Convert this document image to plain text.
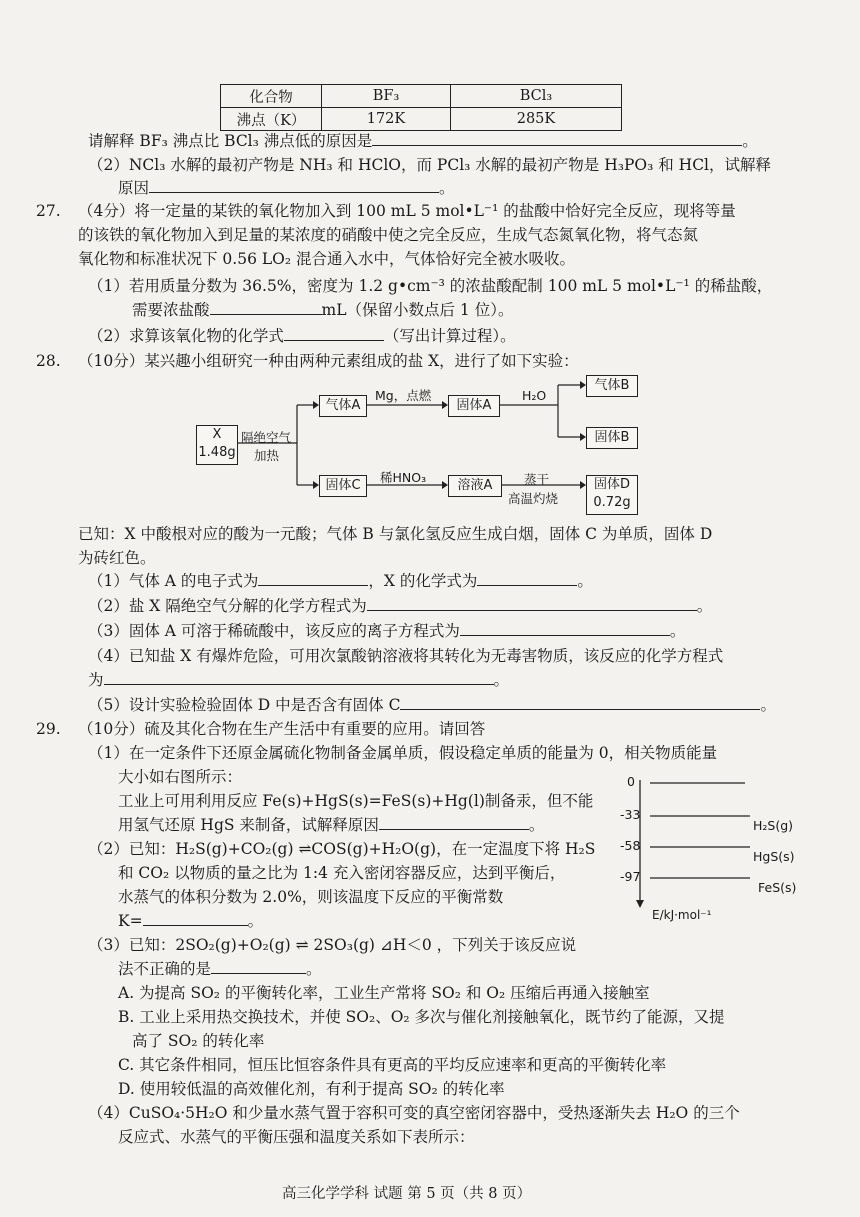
化合物	BF₃	BCl₃
沸点（K）	172K	285K
请解释 BF₃ 沸点比 BCl₃ 沸点低的原因是	。
（2）NCl₃ 水解的最初产物是 NH₃ 和 HClO，而 PCl₃ 水解的最初产物是 H₃PO₃ 和 HCl，试解释
原因	。
27. （4分）将一定量的某铁的氧化物加入到 100 mL 5 mol•L⁻¹ 的盐酸中恰好完全反应，现将等量
的该铁的氧化物加入到足量的某浓度的硝酸中使之完全反应，生成气态氮氧化物，将气态氮
氧化物和标准状况下 0.56 LO₂ 混合通入水中，气体恰好完全被水吸收。
（1）若用质量分数为 36.5%，密度为 1.2 g•cm⁻³ 的浓盐酸配制 100 mL 5 mol•L⁻¹ 的稀盐酸，
需要浓盐酸	mL（保留小数点后 1 位）。
（2）求算该氧化物的化学式	（写出计算过程）。
28. （10分）某兴趣小组研究一种由两种元素组成的盐 X，进行了如下实验：
X
1.48g
隔绝空气
加热
气体A
Mg，点燃
固体A
H₂O
气体B
固体B
固体C
稀HNO₃
溶液A	蒸干
高温灼烧
固体D
0.72g
已知：X 中酸根对应的酸为一元酸；气体 B 与氯化氢反应生成白烟，固体 C 为单质，固体 D
为砖红色。
（1）气体 A 的电子式为	，X 的化学式为	。
（2）盐 X 隔绝空气分解的化学方程式为	。
（3）固体 A 可溶于稀硫酸中，该反应的离子方程式为	。
（4）已知盐 X 有爆炸危险，可用次氯酸钠溶液将其转化为无毒害物质，该反应的化学方程式
为	。
（5）设计实验检验固体 D 中是否含有固体 C	。
29. （10分）硫及其化合物在生产生活中有重要的应用。请回答
（1）在一定条件下还原金属硫化物制备金属单质，假设稳定单质的能量为 0，相关物质能量
大小如右图所示：
工业上可用利用反应 Fe(s)+HgS(s)=FeS(s)+Hg(l)制备汞，但不能
用氢气还原 HgS 来制备，试解释原因	。
（2）已知：H₂S(g)+CO₂(g) ⇌COS(g)+H₂O(g)，在一定温度下将 H₂S
和 CO₂ 以物质的量之比为 1:4 充入密闭容器反应，达到平衡后，
水蒸气的体积分数为 2.0%，则该温度下反应的平衡常数
K=	。
（3）已知：2SO₂(g)+O₂(g) ⇌ 2SO₃(g) ⊿H＜0 ，下列关于该反应说
法不正确的是	。
A. 为提高 SO₂ 的平衡转化率，工业生产常将 SO₂ 和 O₂ 压缩后再通入接触室
B. 工业上采用热交换技术，并使 SO₂、O₂ 多次与催化剂接触氧化，既节约了能源，又提
高了 SO₂ 的转化率
C. 其它条件相同，恒压比恒容条件具有更高的平均反应速率和更高的平衡转化率
D. 使用较低温的高效催化剂，有利于提高 SO₂ 的转化率
（4）CuSO₄·5H₂O 和少量水蒸气置于容积可变的真空密闭容器中，受热逐渐失去 H₂O 的三个
反应式、水蒸气的平衡压强和温度关系如下表所示：
0
-33
-58
-97
H₂S(g)
HgS(s)
FeS(s)
E/kJ·mol⁻¹
高三化学学科 试题 第 5 页（共 8 页）
